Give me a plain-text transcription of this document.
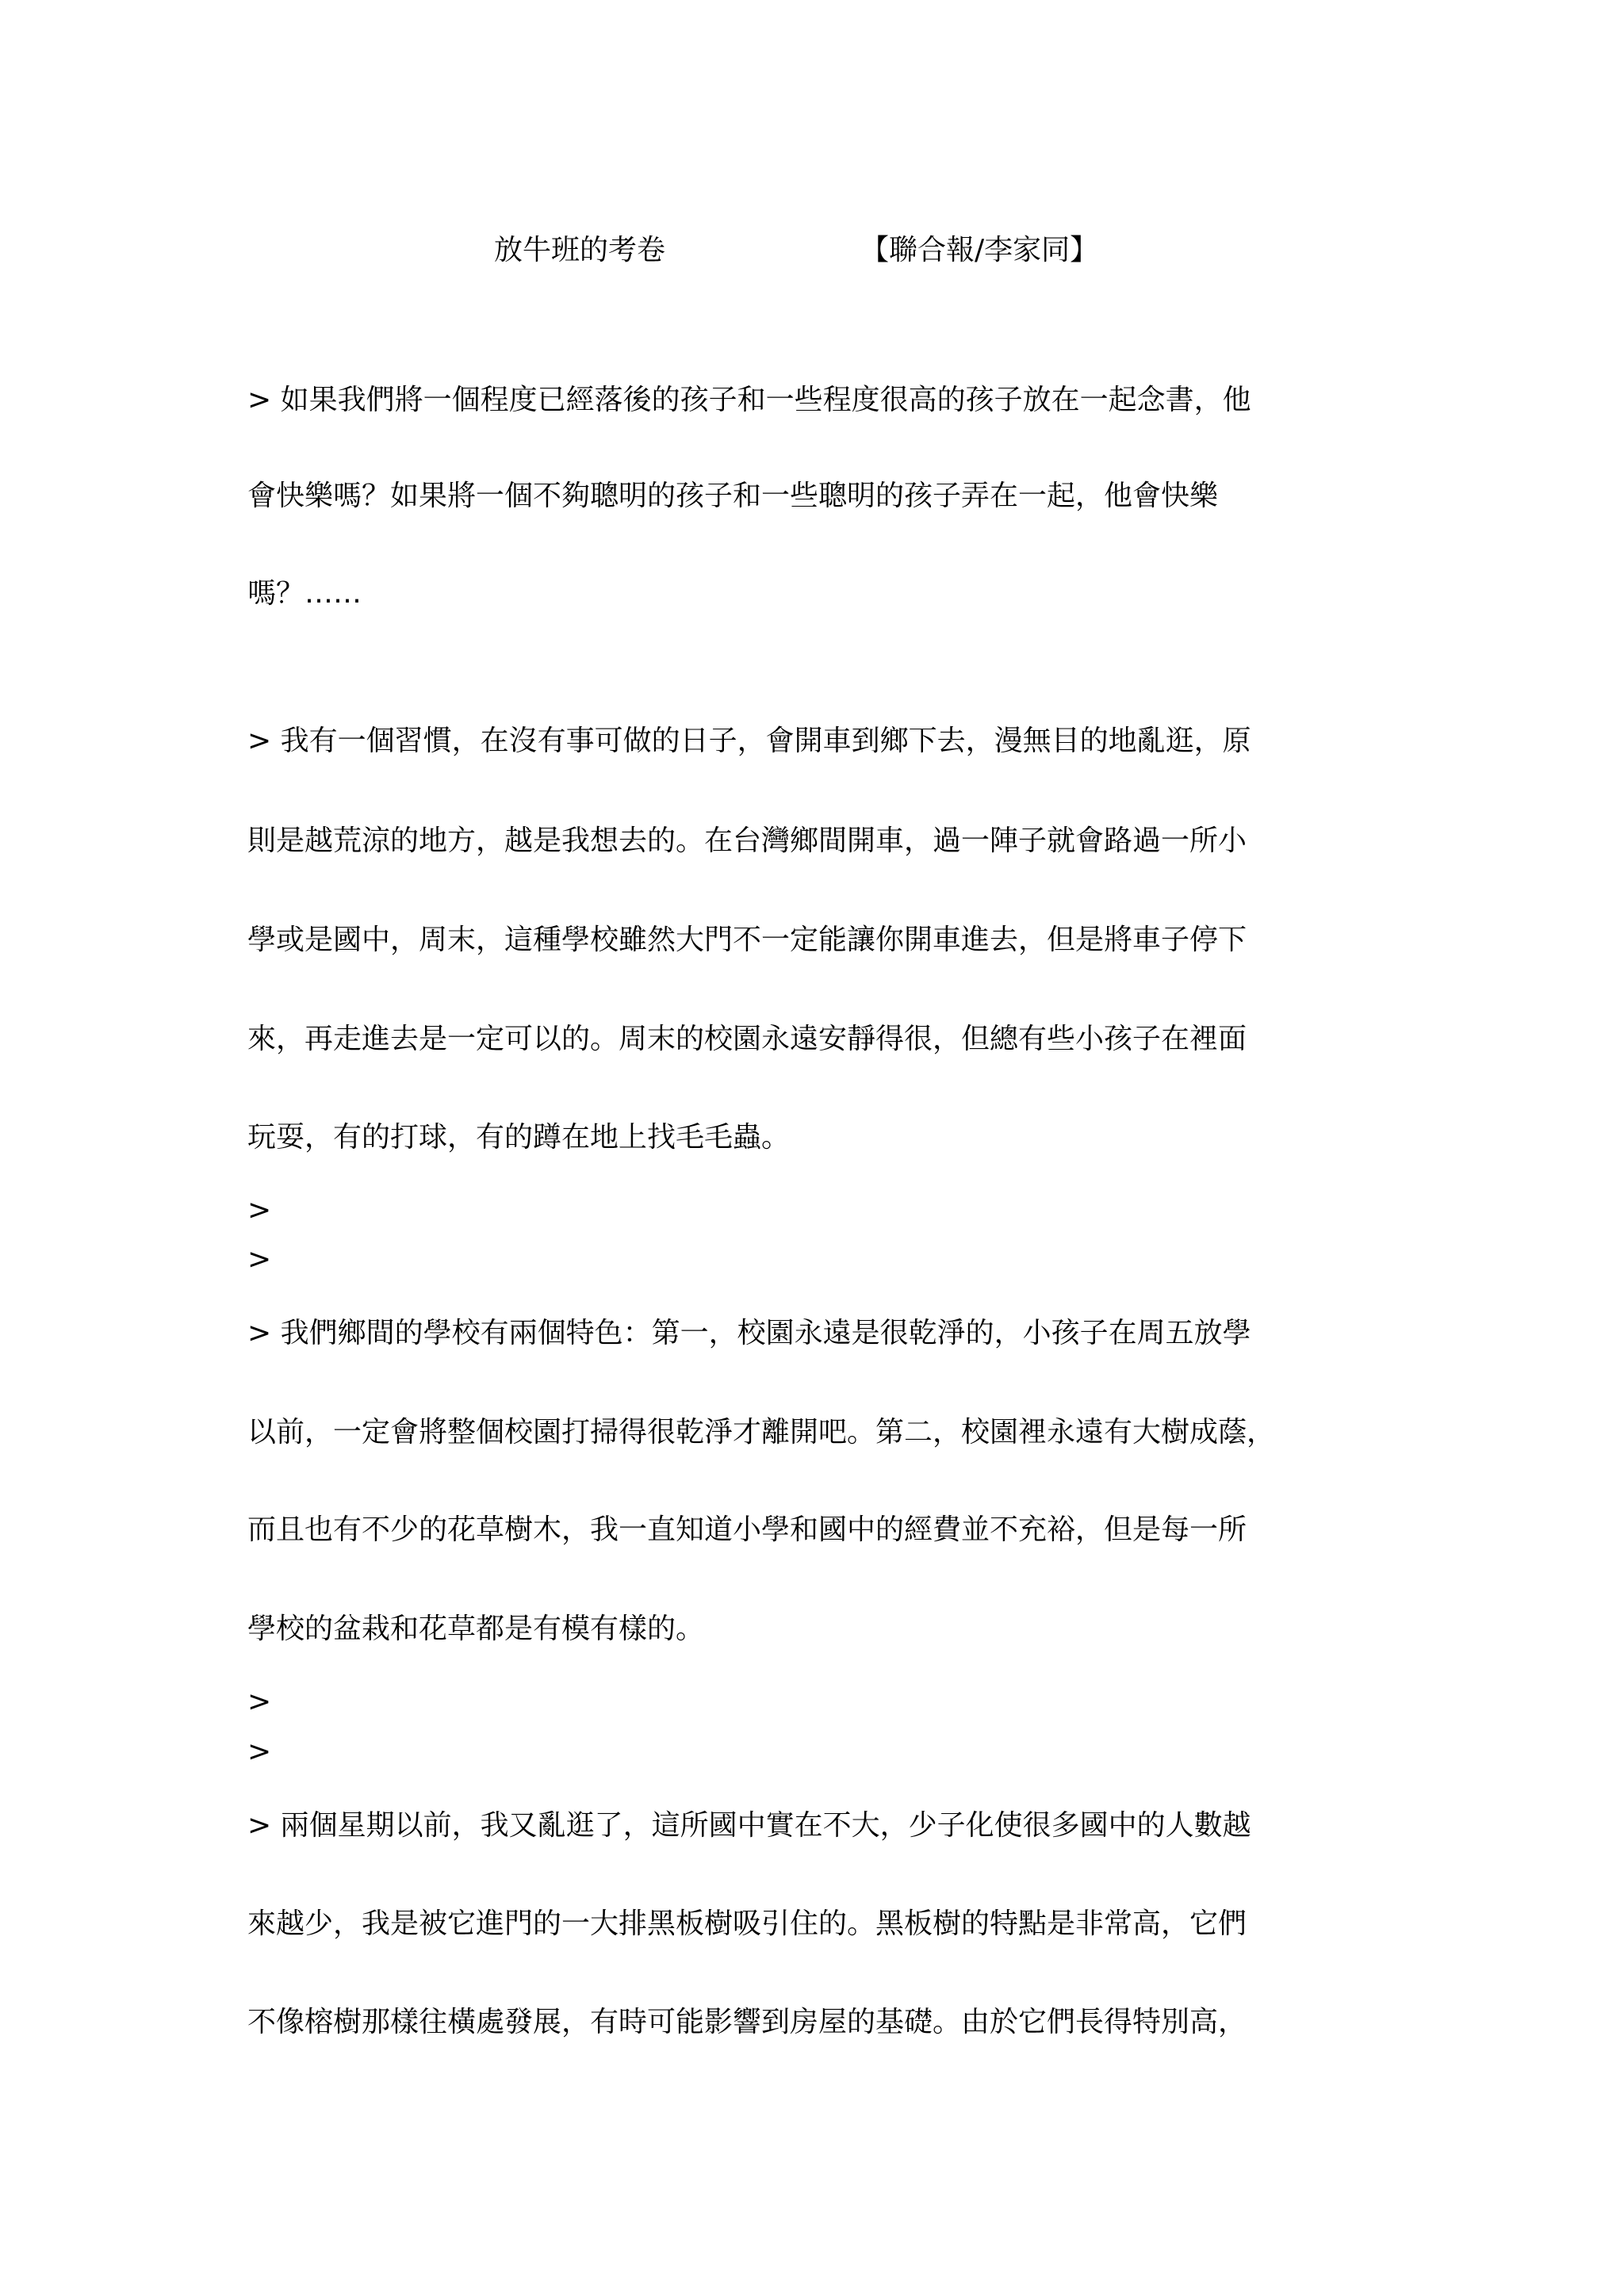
放牛班的考卷	【聯合報/李家同】
> 如果我們將一個程度已經落後的孩子和一些程度很高的孩子放在一起念書，他
會快樂嗎？如果將一個不夠聰明的孩子和一些聰明的孩子弄在一起，他會快樂
嗎？……
> 我有一個習慣，在沒有事可做的日子，會開車到鄉下去，漫無目的地亂逛，原
則是越荒涼的地方，越是我想去的。在台灣鄉間開車，過一陣子就會路過一所小
學或是國中，周末，這種學校雖然大門不一定能讓你開車進去，但是將車子停下
來，再走進去是一定可以的。周末的校園永遠安靜得很，但總有些小孩子在裡面
玩耍，有的打球，有的蹲在地上找毛毛蟲。
>
>
> 我們鄉間的學校有兩個特色：第一，校園永遠是很乾淨的，小孩子在周五放學
以前，一定會將整個校園打掃得很乾淨才離開吧。第二，校園裡永遠有大樹成蔭，
而且也有不少的花草樹木，我一直知道小學和國中的經費並不充裕，但是每一所
學校的盆栽和花草都是有模有樣的。
>
>
> 兩個星期以前，我又亂逛了，這所國中實在不大，少子化使很多國中的人數越
來越少，我是被它進門的一大排黑板樹吸引住的。黑板樹的特點是非常高，它們
不像榕樹那樣往橫處發展，有時可能影響到房屋的基礎。由於它們長得特別高，
